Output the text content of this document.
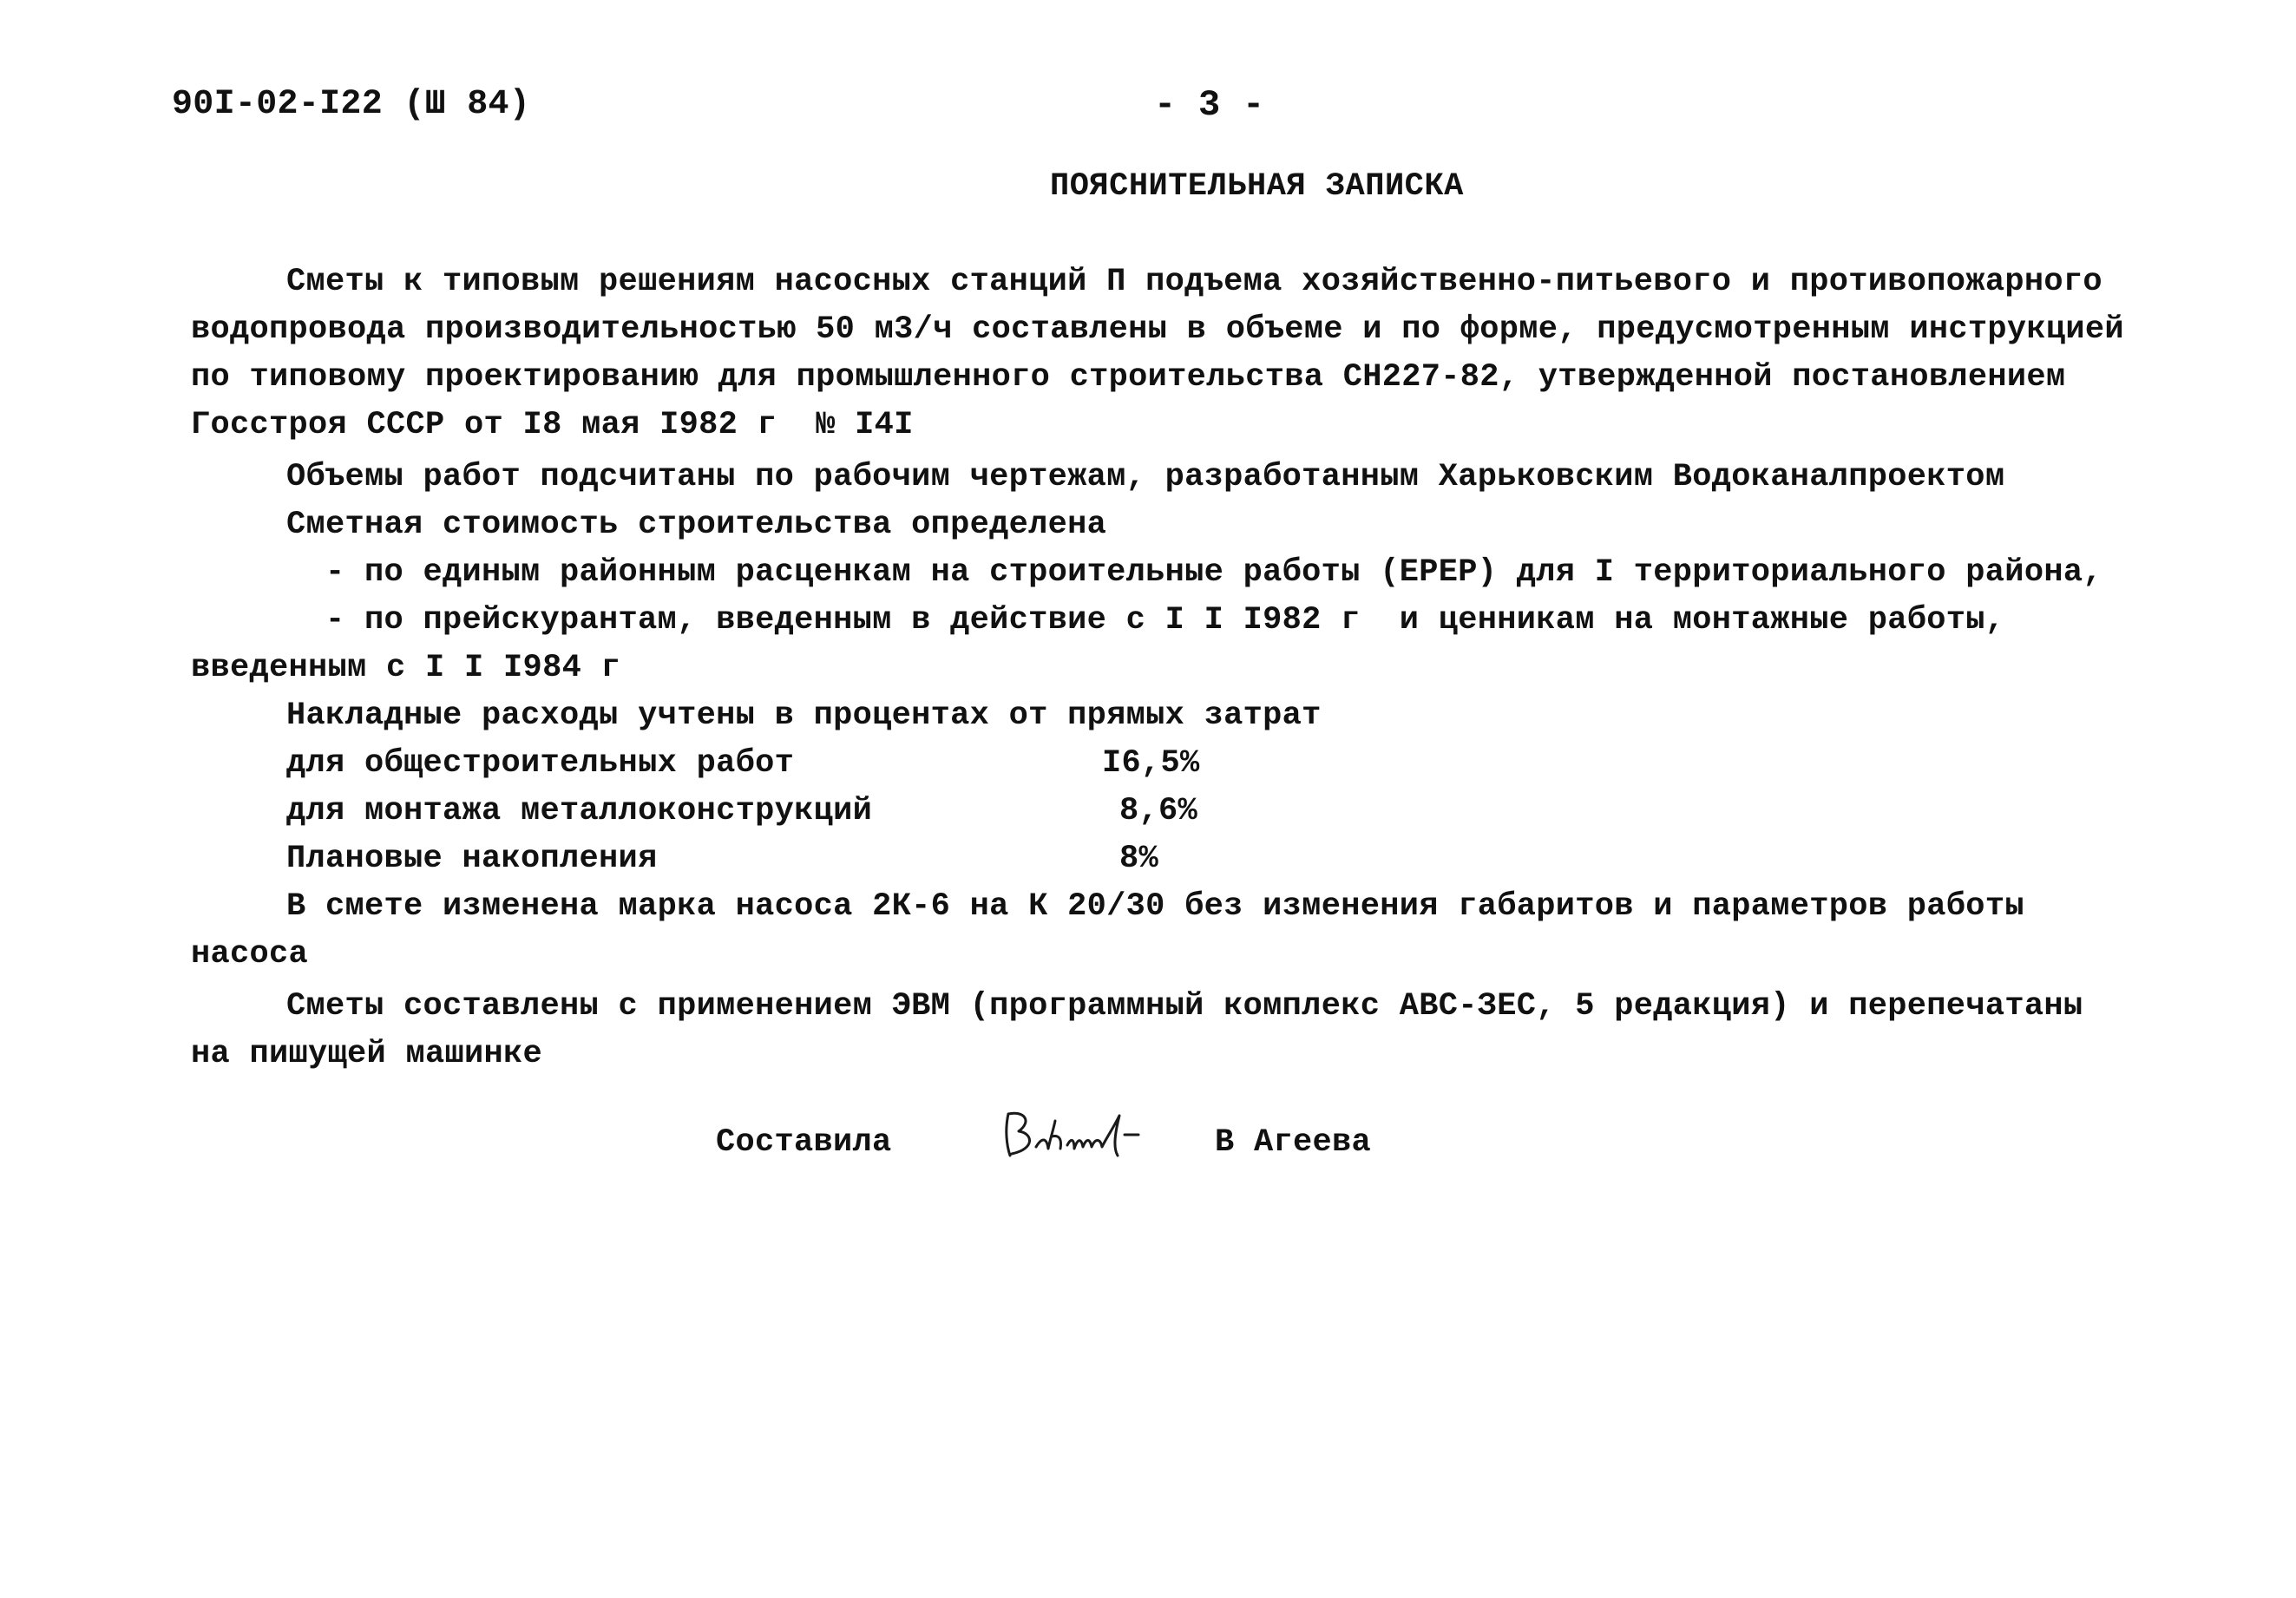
90I-02-I22 (Ш 84)	- 3 -
ПОЯСНИТЕЛЬНАЯ ЗАПИСКА
Сметы к типовым решениям насосных станций П подъема хозяйственно-питьевого и противопожарного
водопровода производительностью 50 м3/ч составлены в объеме и по форме, предусмотренным инструкцией
по типовому проектированию для промышленного строительства СН227-82, утвержденной постановлением
Госстроя СССР от I8 мая I982 г  № I4I
Объемы работ подсчитаны по рабочим чертежам, разработанным Харьковским Водоканалпроектом
Сметная стоимость строительства определена
- по единым районным расценкам на строительные работы (ЕРЕР) для I территориального района,
- по прейскурантам, введенным в действие с I I I982 г  и ценникам на монтажные работы,
введенным с I I I984 г
Накладные расходы учтены в процентах от прямых затрат
для общестроительных работ	I6,5%
для монтажа металлоконструкций	8,6%
Плановые накопления	8%
В смете изменена марка насоса 2К-6 на К 20/30 без изменения габаритов и параметров работы
насоса
Сметы составлены с применением ЭВМ (программный комплекс АВС-ЗЕС, 5 редакция) и перепечатаны
на пишущей машинке
Составила	В Агеева
